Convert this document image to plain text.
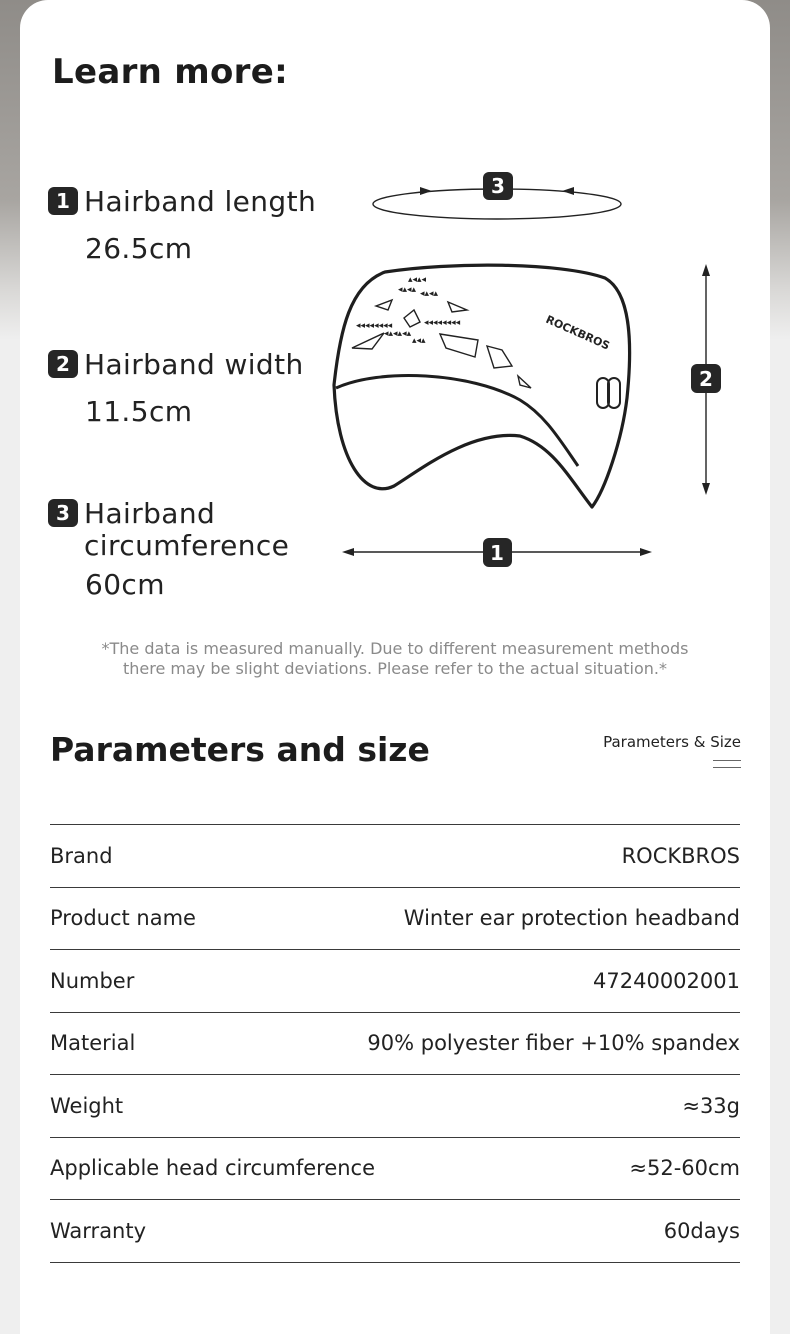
Learn more:
1 Hairband length
26.5cm
2 Hairband width
11.5cm
3 Hairband
circumference
60cm
3
◂◂◂◂◂◂◂◂	◂◂◂◂◂◂◂◂
◂▴◂▴ ◂▴◂▴
▴◂▴◂
◂▴◂▴◂▴
▴◂▴	ROCKBROS
2
1

*The data is measured manually. Due to different measurement methods
there may be slight deviations. Please refer to the actual situation.*

Parameters and size	Parameters & Size
Brand	ROCKBROS
Product name	Winter ear protection headband
Number	47240002001
Material	90% polyester fiber +10% spandex
Weight	≈33g
Applicable head circumference	≈52-60cm
Warranty	60days
